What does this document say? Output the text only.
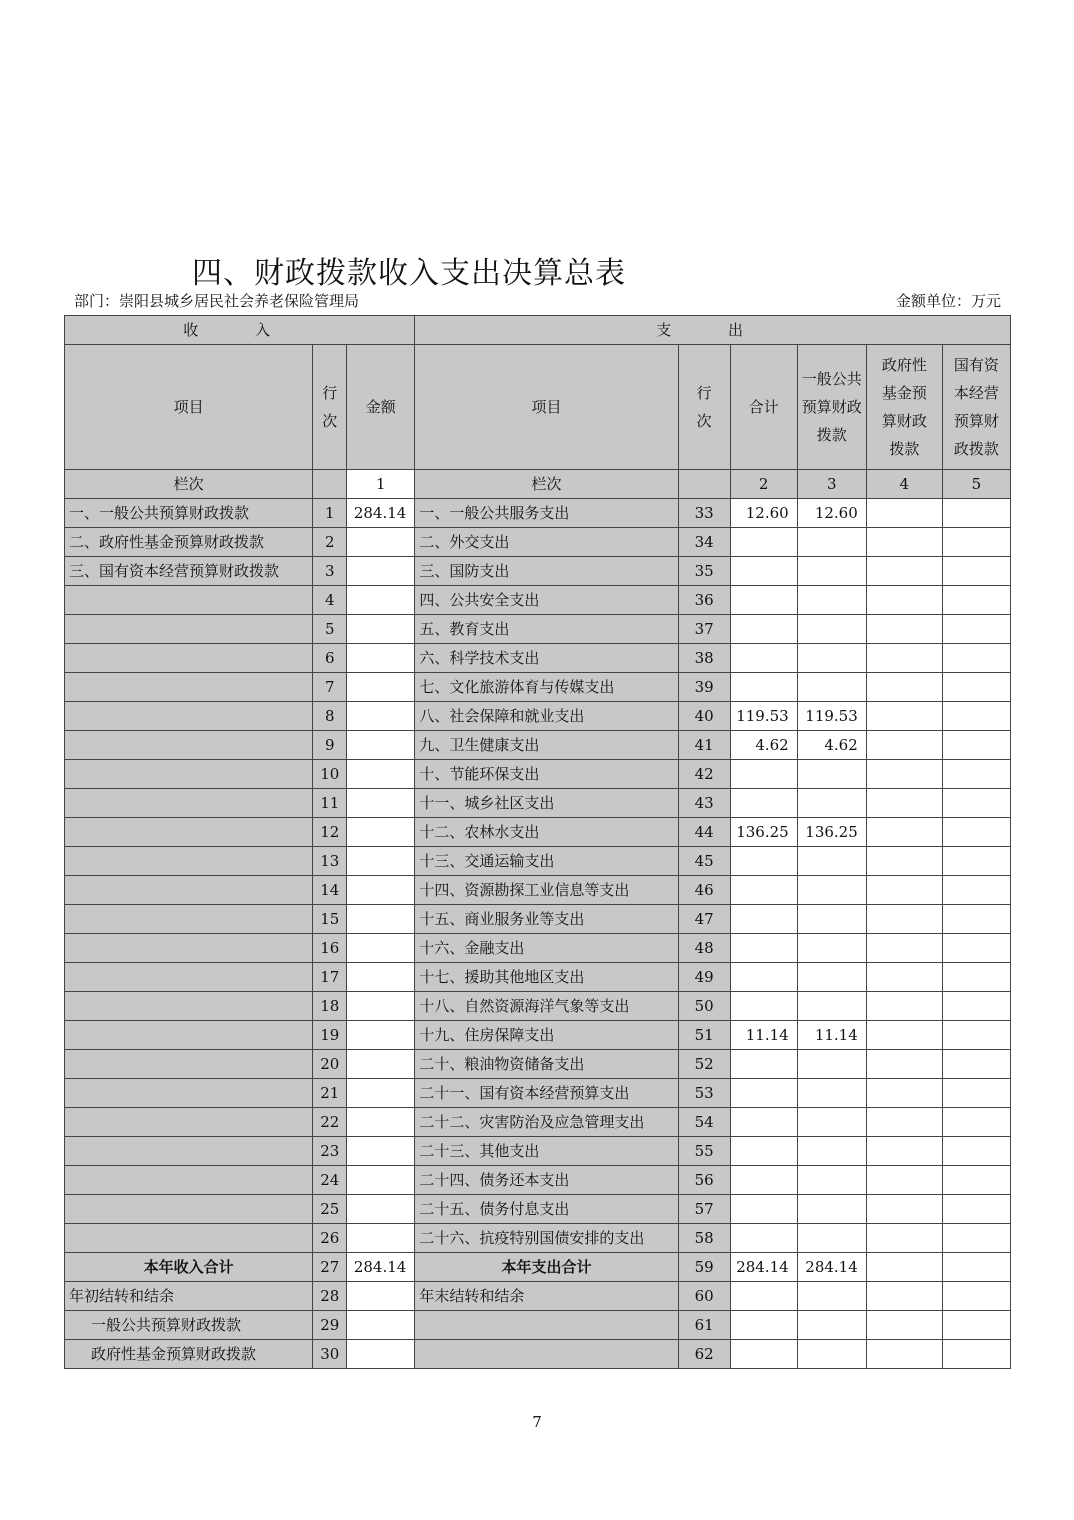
四、财政拨款收入支出决算总表
部门：崇阳县城乡居民社会养老保险管理局	金额单位：万元
收 入			支 出					
项目	行次	金额	项目	行次	合计	一般公共预算财政拨款	政府性基金预算财政拨款	国有资本经营预算财政拨款
栏次		1	栏次		2	3	4	5
一、一般公共预算财政拨款	1	284.14	一、一般公共服务支出	33	12.60	12.60		
二、政府性基金预算财政拨款	2		二、外交支出	34				
三、国有资本经营预算财政拨款	3		三、国防支出	35				
	4		四、公共安全支出	36				
	5		五、教育支出	37				
	6		六、科学技术支出	38				
	7		七、文化旅游体育与传媒支出	39				
	8		八、社会保障和就业支出	40	119.53	119.53		
	9		九、卫生健康支出	41	4.62	4.62		
	10		十、节能环保支出	42				
	11		十一、城乡社区支出	43				
	12		十二、农林水支出	44	136.25	136.25		
	13		十三、交通运输支出	45				
	14		十四、资源勘探工业信息等支出	46				
	15		十五、商业服务业等支出	47				
	16		十六、金融支出	48				
	17		十七、援助其他地区支出	49				
	18		十八、自然资源海洋气象等支出	50				
	19		十九、住房保障支出	51	11.14	11.14		
	20		二十、粮油物资储备支出	52				
	21		二十一、国有资本经营预算支出	53				
	22		二十二、灾害防治及应急管理支出	54				
	23		二十三、其他支出	55				
	24		二十四、债务还本支出	56				
	25		二十五、债务付息支出	57				
	26		二十六、抗疫特别国债安排的支出	58				
本年收入合计	27	284.14	本年支出合计	59	284.14	284.14		
年初结转和结余	28		年末结转和结余	60				
一般公共预算财政拨款	29			61				
政府性基金预算财政拨款	30			62				
7
